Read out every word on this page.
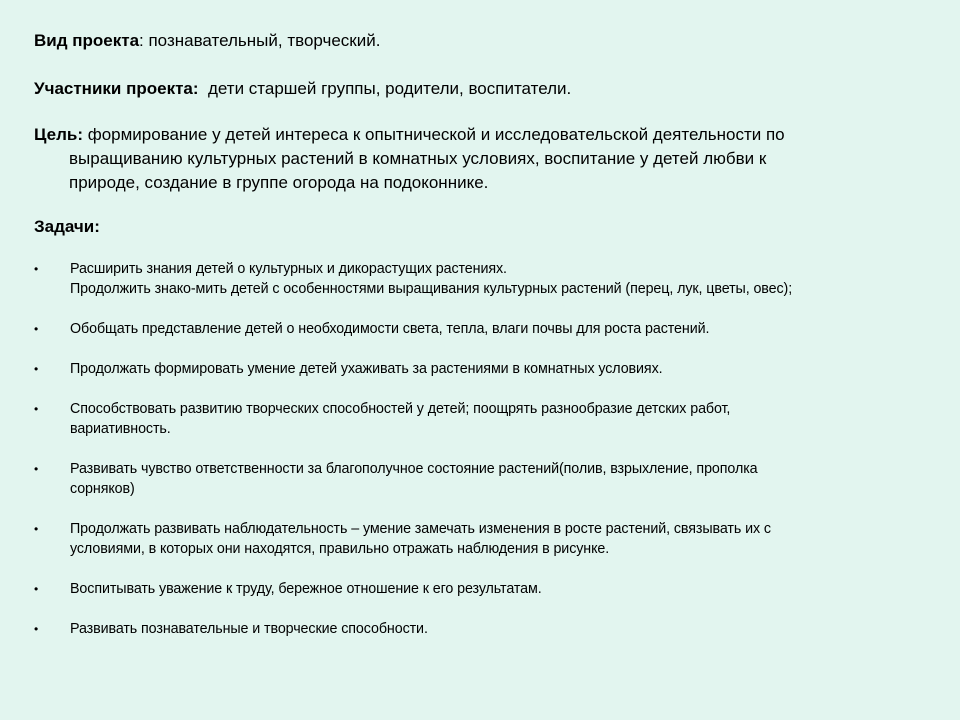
Вид проекта: познавательный, творческий.

Участники проекта:  дети старшей группы, родители, воспитатели.

Цель: формирование у детей интереса к опытнической и исследовательской деятельности по
выращиванию культурных растений в комнатных условиях, воспитание у детей любви к
природе, создание в группе огорода на подоконнике.

Задачи:

•	Расширить знания детей о культурных и дикорастущих растениях.
Продолжить знако-мить детей с особенностями выращивания культурных растений (перец, лук, цветы, овес);
•	Обобщать представление детей о необходимости света, тепла, влаги почвы для роста растений.
•	Продолжать формировать умение детей ухаживать за растениями в комнатных условиях.
•	Способствовать развитию творческих способностей у детей; поощрять разнообразие детских работ,
вариативность.
•	Развивать чувство ответственности за благополучное состояние растений(полив, взрыхление, прополка
сорняков)
•	Продолжать развивать наблюдательность – умение замечать изменения в росте растений, связывать их с
условиями, в которых они находятся, правильно отражать наблюдения в рисунке.
•	Воспитывать уважение к труду, бережное отношение к его результатам.
•	Развивать познавательные и творческие способности.
